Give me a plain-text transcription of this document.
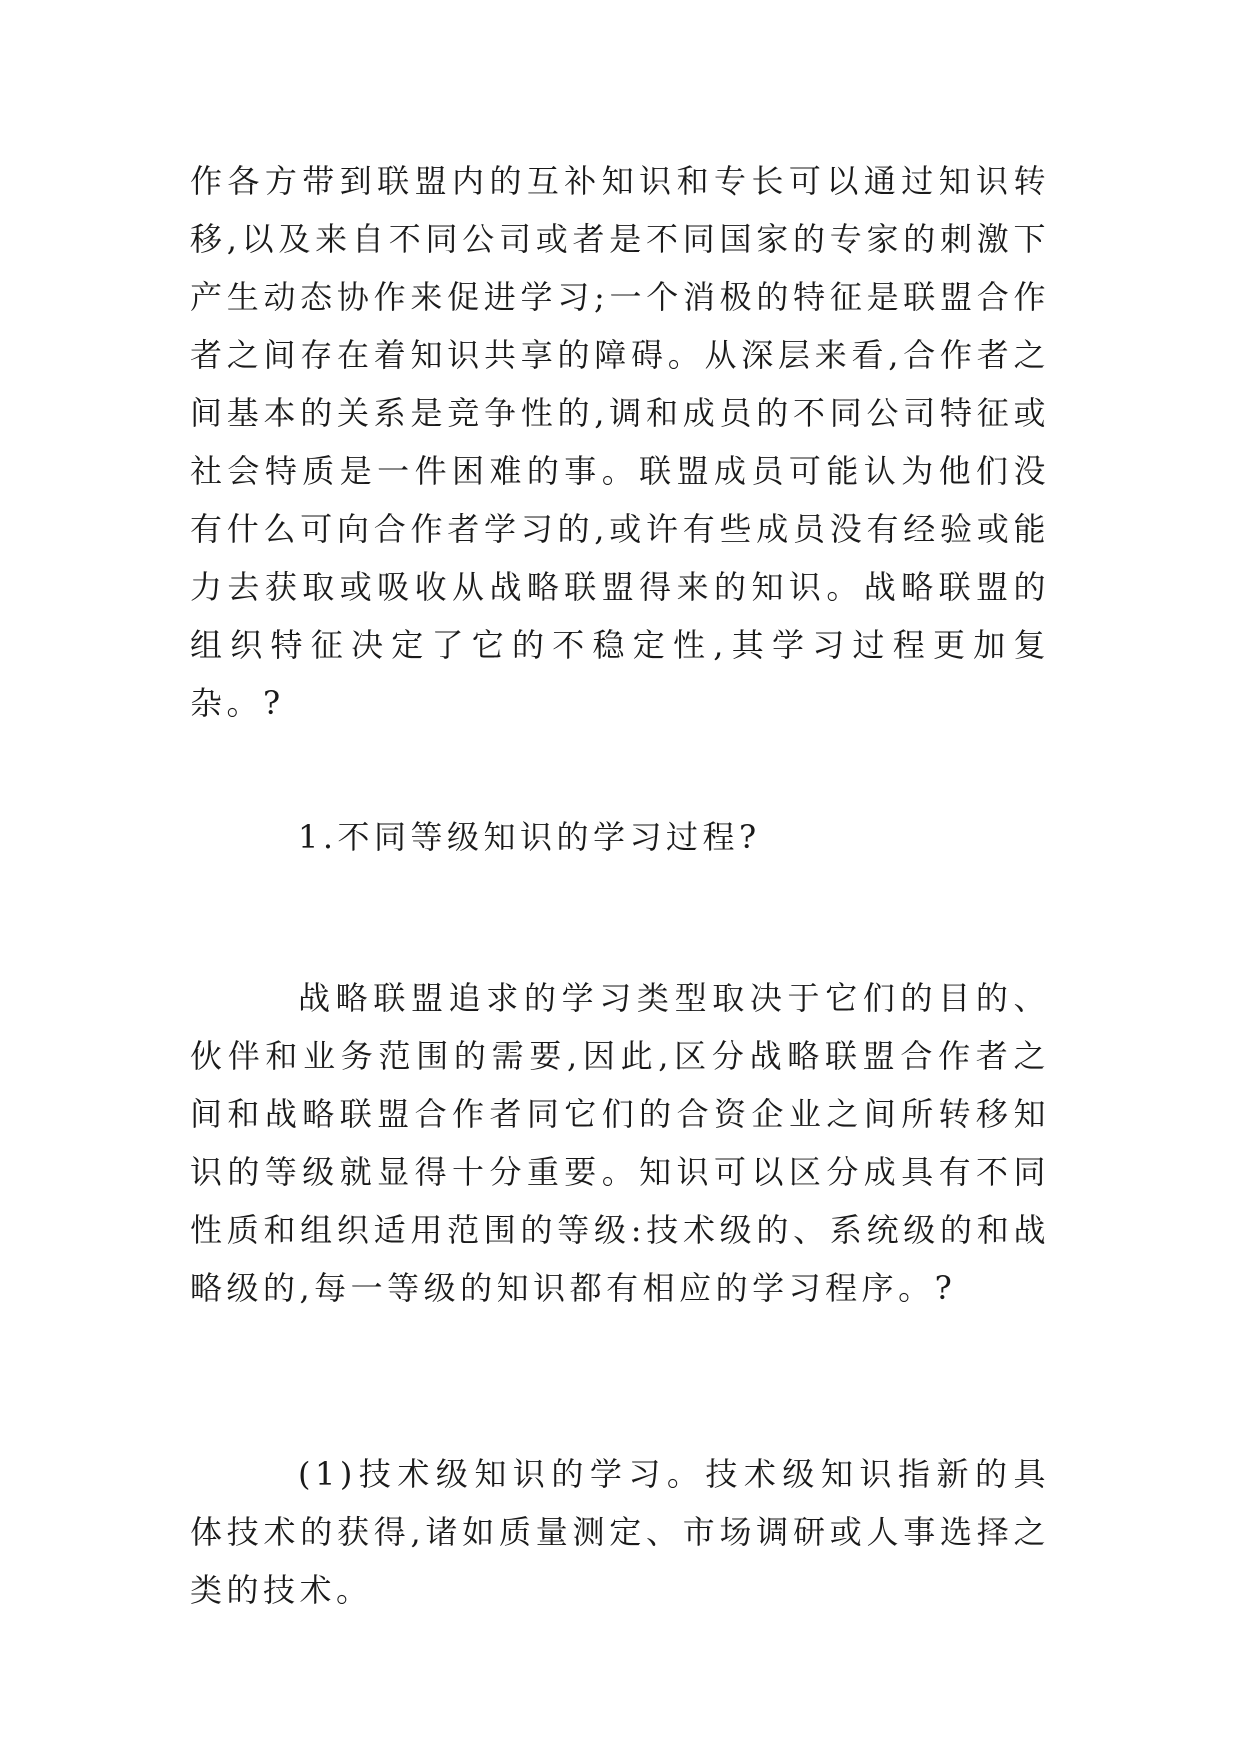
作各方带到联盟内的互补知识和专长可以通过知识转移,以及来自不同公司或者是不同国家的专家的刺激下产生动态协作来促进学习;一个消极的特征是联盟合作者之间存在着知识共享的障碍。从深层来看,合作者之间基本的关系是竞争性的,调和成员的不同公司特征或社会特质是一件困难的事。联盟成员可能认为他们没有什么可向合作者学习的,或许有些成员没有经验或能力去获取或吸收从战略联盟得来的知识。战略联盟的组织特征决定了它的不稳定性,其学习过程更加复杂。?

1.不同等级知识的学习过程?

战略联盟追求的学习类型取决于它们的目的、伙伴和业务范围的需要,因此,区分战略联盟合作者之间和战略联盟合作者同它们的合资企业之间所转移知识的等级就显得十分重要。知识可以区分成具有不同性质和组织适用范围的等级:技术级的、系统级的和战略级的,每一等级的知识都有相应的学习程序。?

(1)技术级知识的学习。技术级知识指新的具体技术的获得,诸如质量测定、市场调研或人事选择之类的技术。
